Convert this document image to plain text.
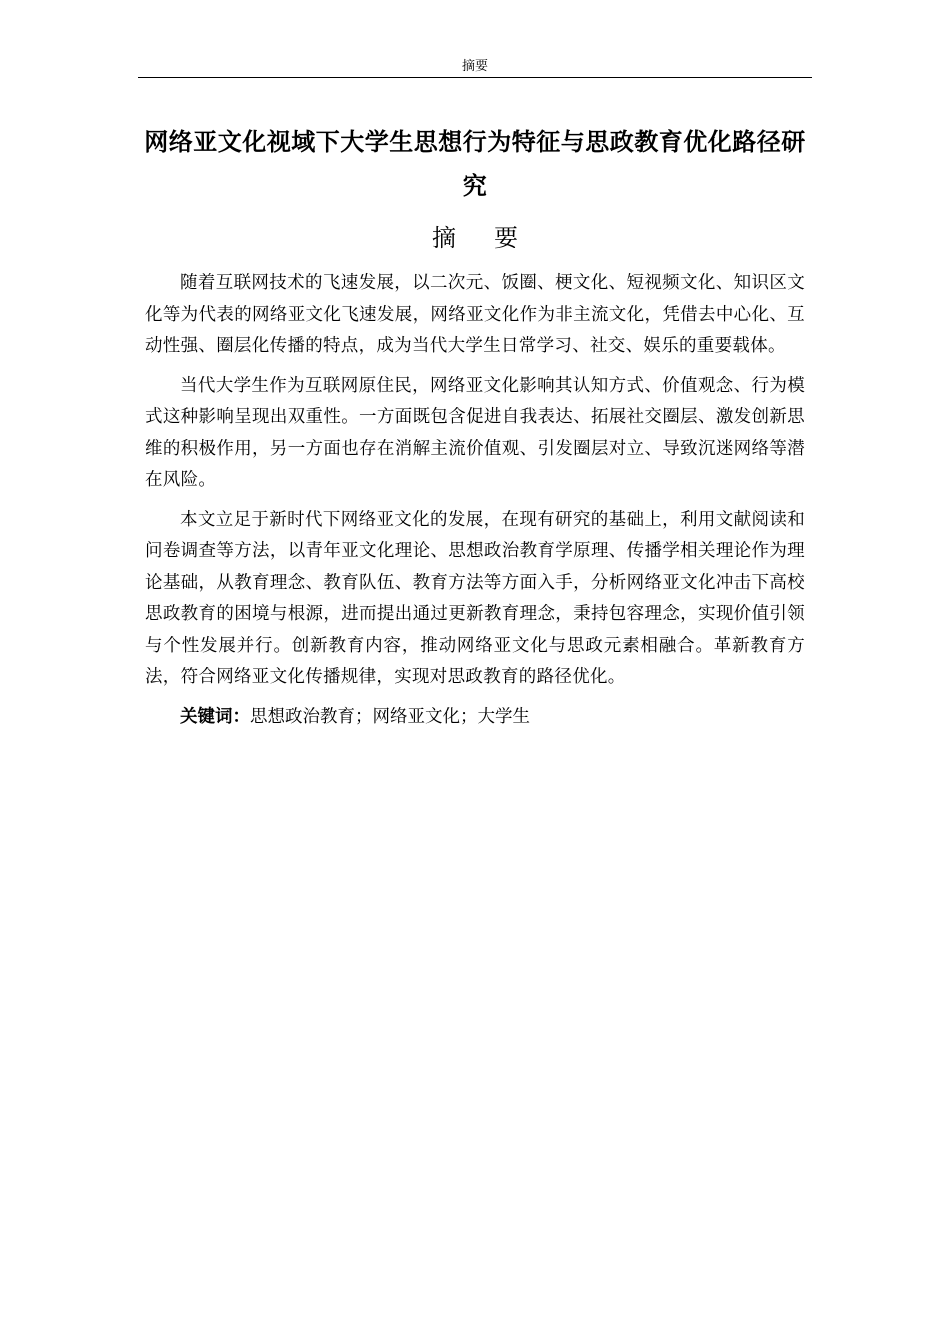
摘要
网络亚文化视域下大学生思想行为特征与思政教育优化路径研究
摘要

随着互联网技术的飞速发展，以二次元、饭圈、梗文化、短视频文化、知识区文化等为代表的网络亚文化飞速发展，网络亚文化作为非主流文化，凭借去中心化、互动性强、圈层化传播的特点，成为当代大学生日常学习、社交、娱乐的重要载体。

当代大学生作为互联网原住民，网络亚文化影响其认知方式、价值观念、行为模式这种影响呈现出双重性。一方面既包含促进自我表达、拓展社交圈层、激发创新思维的积极作用，另一方面也存在消解主流价值观、引发圈层对立、导致沉迷网络等潜在风险。

本文立足于新时代下网络亚文化的发展，在现有研究的基础上，利用文献阅读和问卷调查等方法，以青年亚文化理论、思想政治教育学原理、传播学相关理论作为理论基础，从教育理念、教育队伍、教育方法等方面入手，分析网络亚文化冲击下高校思政教育的困境与根源，进而提出通过更新教育理念，秉持包容理念，实现价值引领与个性发展并行。创新教育内容，推动网络亚文化与思政元素相融合。革新教育方法，符合网络亚文化传播规律，实现对思政教育的路径优化。

关键词：思想政治教育；网络亚文化；大学生
